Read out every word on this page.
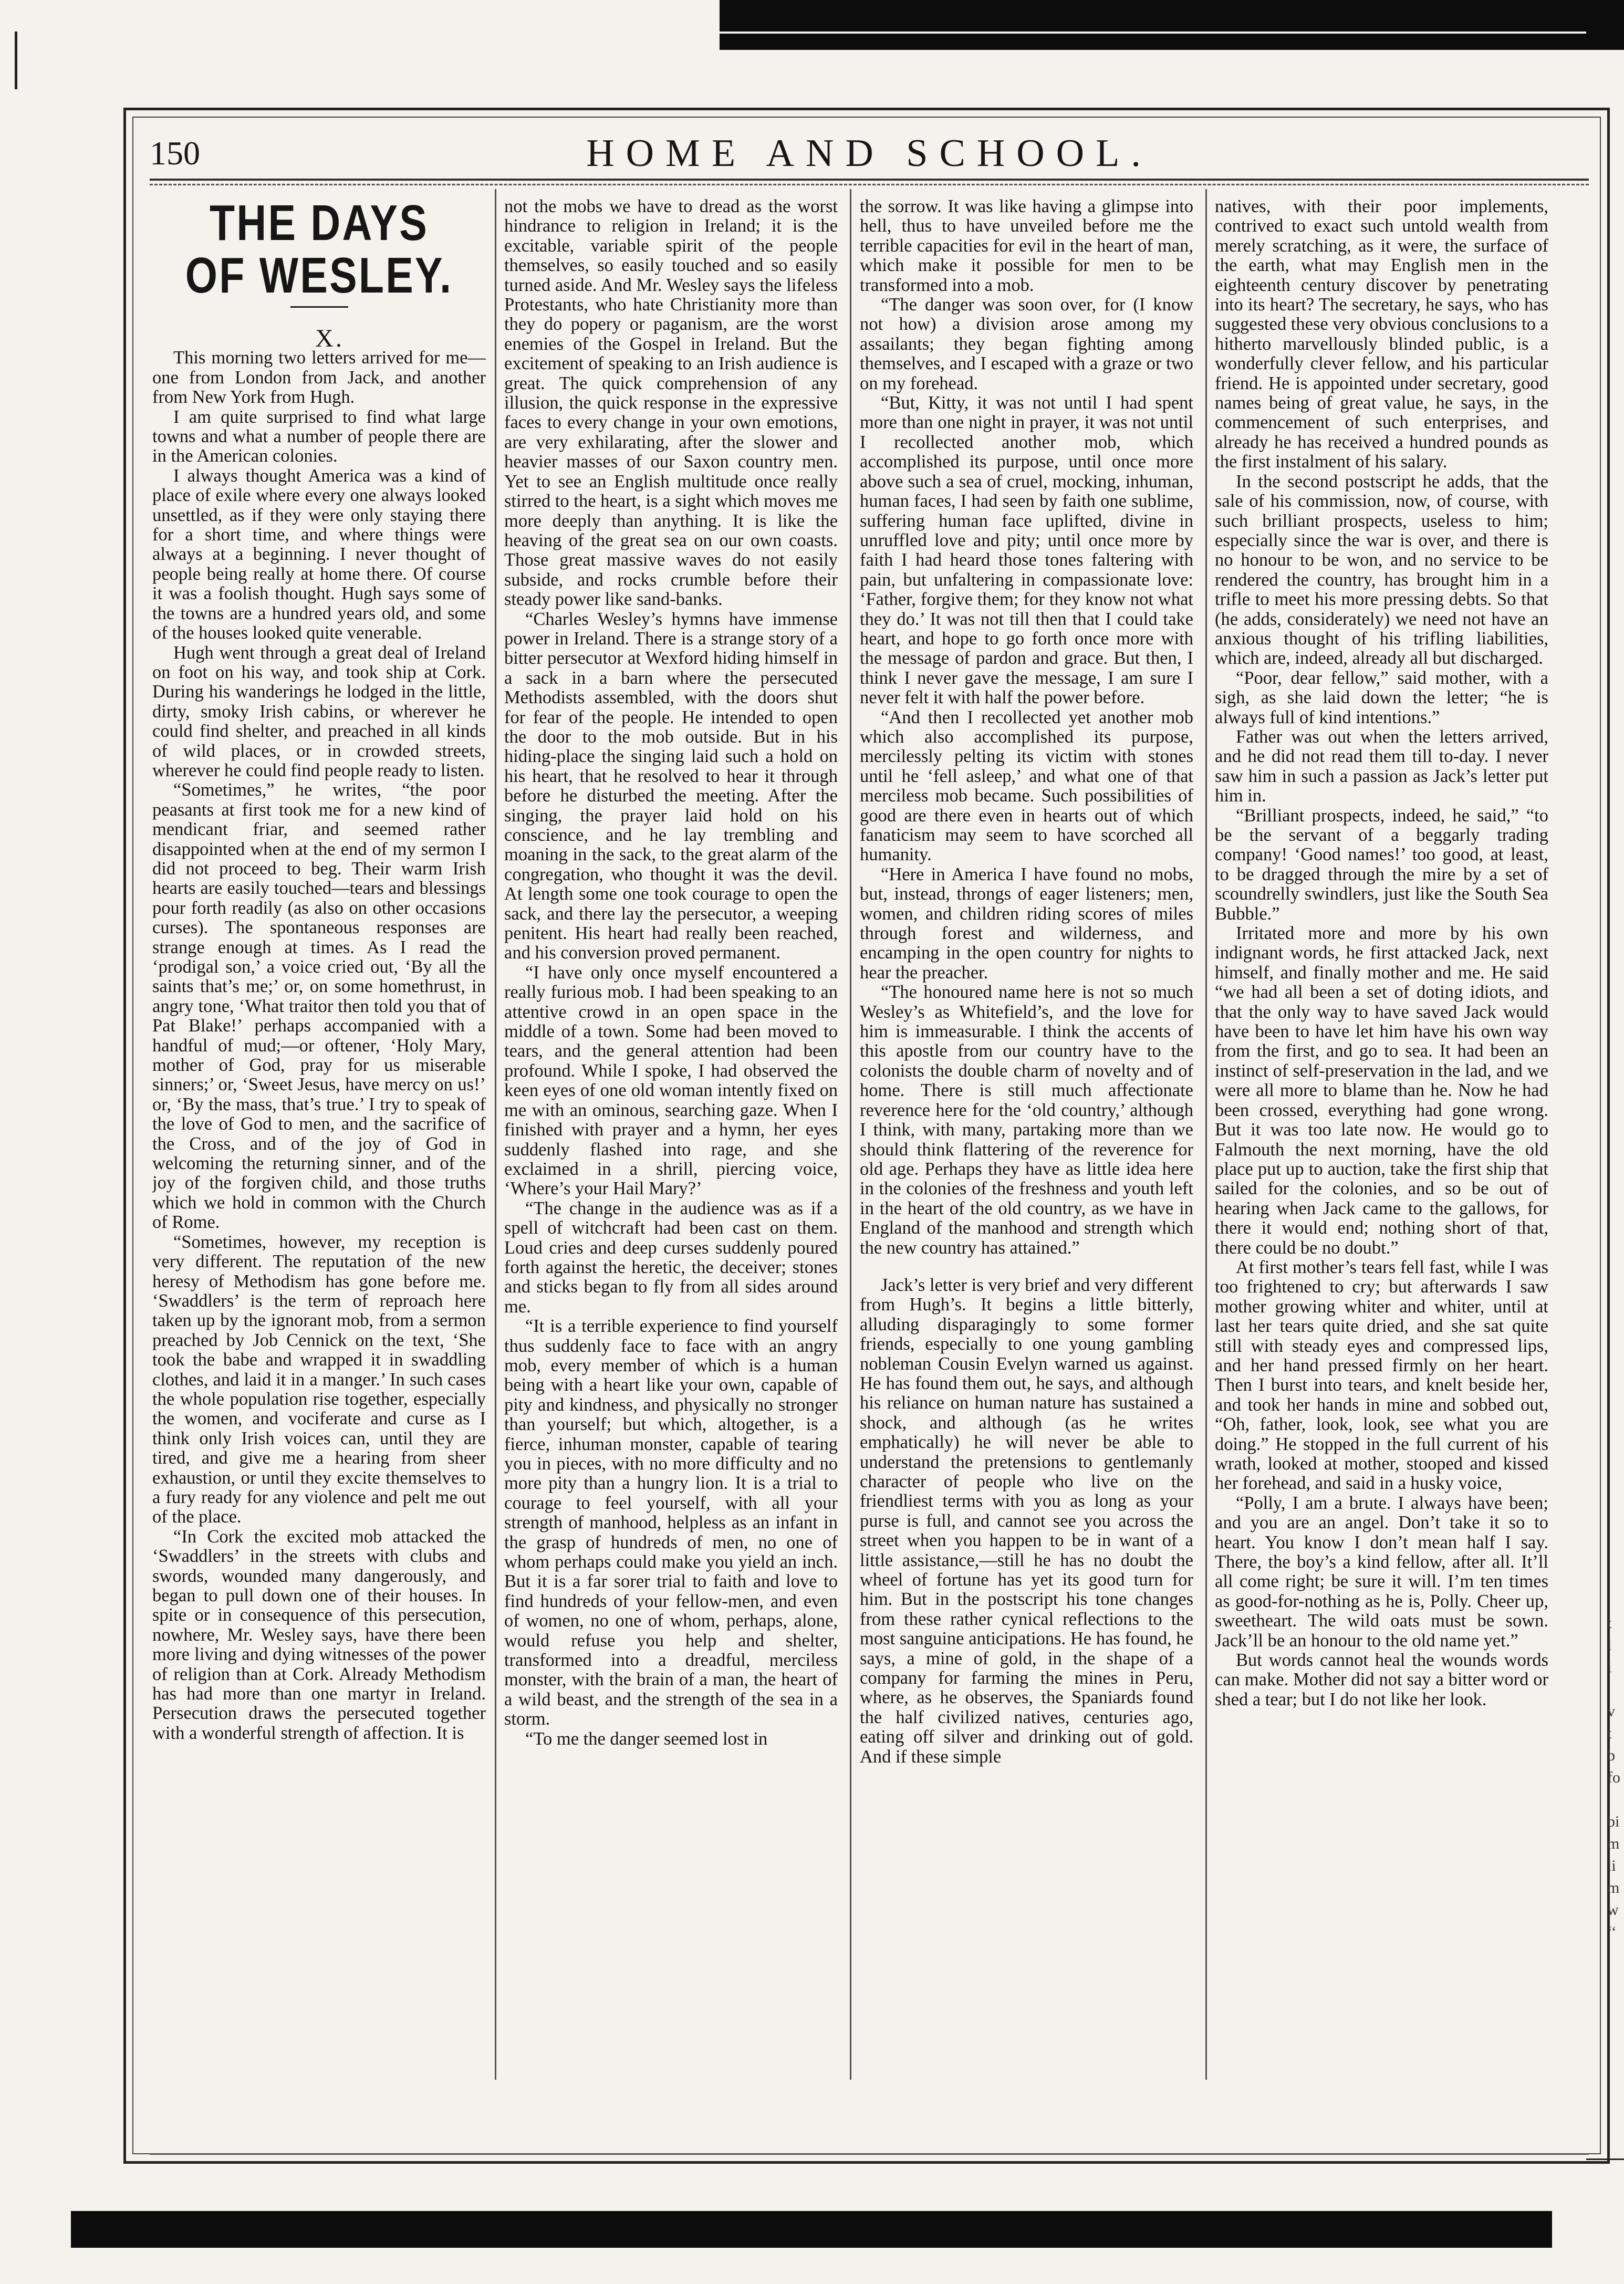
150	HOME AND SCHOOL.

THE DAYS OF WESLEY.

X.

This morning two letters arrived for me—one from London from Jack, and another from New York from Hugh.

I am quite surprised to find what large towns and what a number of people there are in the American colonies.

I always thought America was a kind of place of exile where every one always looked unsettled, as if they were only staying there for a short time, and where things were always at a beginning. I never thought of people being really at home there. Of course it was a foolish thought. Hugh says some of the towns are a hundred years old, and some of the houses looked quite venerable.

Hugh went through a great deal of Ireland on foot on his way, and took ship at Cork. During his wanderings he lodged in the little, dirty, smoky Irish cabins, or wherever he could find shelter, and preached in all kinds of wild places, or in crowded streets, wherever he could find people ready to listen.

“Sometimes,” he writes, “the poor peasants at first took me for a new kind of mendicant friar, and seemed rather disappointed when at the end of my sermon I did not proceed to beg. Their warm Irish hearts are easily touched—tears and blessings pour forth readily (as also on other occasions curses). The spontaneous responses are strange enough at times. As I read the ‘prodigal son,’ a voice cried out, ‘By all the saints that’s me;’ or, on some homethrust, in angry tone, ‘What traitor then told you that of Pat Blake!’ perhaps accompanied with a handful of mud;—or oftener, ‘Holy Mary, mother of God, pray for us miserable sinners;’ or, ‘Sweet Jesus, have mercy on us!’ or, ‘By the mass, that’s true.’ I try to speak of the love of God to men, and the sacrifice of the Cross, and of the joy of God in welcoming the returning sinner, and of the joy of the forgiven child, and those truths which we hold in common with the Church of Rome.

“Sometimes, however, my reception is very different. The reputation of the new heresy of Methodism has gone before me. ‘Swaddlers’ is the term of reproach here taken up by the ignorant mob, from a sermon preached by Job Cennick on the text, ‘She took the babe and wrapped it in swaddling clothes, and laid it in a manger.’ In such cases the whole population rise together, especially the women, and vociferate and curse as I think only Irish voices can, until they are tired, and give me a hearing from sheer exhaustion, or until they excite themselves to a fury ready for any violence and pelt me out of the place.

“In Cork the excited mob attacked the ‘Swaddlers’ in the streets with clubs and swords, wounded many dangerously, and began to pull down one of their houses. In spite or in consequence of this persecution, nowhere, Mr. Wesley says, have there been more living and dying witnesses of the power of religion than at Cork. Already Methodism has had more than one martyr in Ireland. Persecution draws the persecuted together with a wonderful strength of affection. It is

not the mobs we have to dread as the worst hindrance to religion in Ireland; it is the excitable, variable spirit of the people themselves, so easily touched and so easily turned aside. And Mr. Wesley says the lifeless Protestants, who hate Christianity more than they do popery or paganism, are the worst enemies of the Gospel in Ireland. But the excitement of speaking to an Irish audience is great. The quick comprehension of any illusion, the quick response in the expressive faces to every change in your own emotions, are very exhilarating, after the slower and heavier masses of our Saxon country men. Yet to see an English multitude once really stirred to the heart, is a sight which moves me more deeply than anything. It is like the heaving of the great sea on our own coasts. Those great massive waves do not easily subside, and rocks crumble before their steady power like sand-banks.

“Charles Wesley’s hymns have immense power in Ireland. There is a strange story of a bitter persecutor at Wexford hiding himself in a sack in a barn where the persecuted Methodists assembled, with the doors shut for fear of the people. He intended to open the door to the mob outside. But in his hiding-place the singing laid such a hold on his heart, that he resolved to hear it through before he disturbed the meeting. After the singing, the prayer laid hold on his conscience, and he lay trembling and moaning in the sack, to the great alarm of the congregation, who thought it was the devil. At length some one took courage to open the sack, and there lay the persecutor, a weeping penitent. His heart had really been reached, and his conversion proved permanent.

“I have only once myself encountered a really furious mob. I had been speaking to an attentive crowd in an open space in the middle of a town. Some had been moved to tears, and the general attention had been profound. While I spoke, I had observed the keen eyes of one old woman intently fixed on me with an ominous, searching gaze. When I finished with prayer and a hymn, her eyes suddenly flashed into rage, and she exclaimed in a shrill, piercing voice, ‘Where’s your Hail Mary?’

“The change in the audience was as if a spell of witchcraft had been cast on them. Loud cries and deep curses suddenly poured forth against the heretic, the deceiver; stones and sticks began to fly from all sides around me.

“It is a terrible experience to find yourself thus suddenly face to face with an angry mob, every member of which is a human being with a heart like your own, capable of pity and kindness, and physically no stronger than yourself; but which, altogether, is a fierce, inhuman monster, capable of tearing you in pieces, with no more difficulty and no more pity than a hungry lion. It is a trial to courage to feel yourself, with all your strength of manhood, helpless as an infant in the grasp of hundreds of men, no one of whom perhaps could make you yield an inch. But it is a far sorer trial to faith and love to find hundreds of your fellow-men, and even of women, no one of whom, perhaps, alone, would refuse you help and shelter, transformed into a dreadful, merciless monster, with the brain of a man, the heart of a wild beast, and the strength of the sea in a storm.

“To me the danger seemed lost in

the sorrow. It was like having a glimpse into hell, thus to have unveiled before me the terrible capacities for evil in the heart of man, which make it possible for men to be transformed into a mob.

“The danger was soon over, for (I know not how) a division arose among my assailants; they began fighting among themselves, and I escaped with a graze or two on my forehead.

“But, Kitty, it was not until I had spent more than one night in prayer, it was not until I recollected another mob, which accomplished its purpose, until once more above such a sea of cruel, mocking, inhuman, human faces, I had seen by faith one sublime, suffering human face uplifted, divine in unruffled love and pity; until once more by faith I had heard those tones faltering with pain, but unfaltering in compassionate love: ‘Father, forgive them; for they know not what they do.’ It was not till then that I could take heart, and hope to go forth once more with the message of pardon and grace. But then, I think I never gave the message, I am sure I never felt it with half the power before.

“And then I recollected yet another mob which also accomplished its purpose, mercilessly pelting its victim with stones until he ‘fell asleep,’ and what one of that merciless mob became. Such possibilities of good are there even in hearts out of which fanaticism may seem to have scorched all humanity.

“Here in America I have found no mobs, but, instead, throngs of eager listeners; men, women, and children riding scores of miles through forest and wilderness, and encamping in the open country for nights to hear the preacher.

“The honoured name here is not so much Wesley’s as Whitefield’s, and the love for him is immeasurable. I think the accents of this apostle from our country have to the colonists the double charm of novelty and of home. There is still much affectionate reverence here for the ‘old country,’ although I think, with many, partaking more than we should think flattering of the reverence for old age. Perhaps they have as little idea here in the colonies of the freshness and youth left in the heart of the old country, as we have in England of the manhood and strength which the new country has attained.”

Jack’s letter is very brief and very different from Hugh’s. It begins a little bitterly, alluding disparagingly to some former friends, especially to one young gambling nobleman Cousin Evelyn warned us against. He has found them out, he says, and although his reliance on human nature has sustained a shock, and although (as he writes emphatically) he will never be able to understand the pretensions to gentlemanly character of people who live on the friendliest terms with you as long as your purse is full, and cannot see you across the street when you happen to be in want of a little assistance,—still he has no doubt the wheel of fortune has yet its good turn for him. But in the postscript his tone changes from these rather cynical reflections to the most sanguine anticipations. He has found, he says, a mine of gold, in the shape of a company for farming the mines in Peru, where, as he observes, the Spaniards found the half civilized natives, centuries ago, eating off silver and drinking out of gold. And if these simple

natives, with their poor implements, contrived to exact such untold wealth from merely scratching, as it were, the surface of the earth, what may English men in the eighteenth century discover by penetrating into its heart? The secretary, he says, who has suggested these very obvious conclusions to a hitherto marvellously blinded public, is a wonderfully clever fellow, and his particular friend. He is appointed under secretary, good names being of great value, he says, in the commencement of such enterprises, and already he has received a hundred pounds as the first instalment of his salary.

In the second postscript he adds, that the sale of his commission, now, of course, with such brilliant prospects, useless to him; especially since the war is over, and there is no honour to be won, and no service to be rendered the country, has brought him in a trifle to meet his more pressing debts. So that (he adds, considerately) we need not have an anxious thought of his trifling liabilities, which are, indeed, already all but discharged.

“Poor, dear fellow,” said mother, with a sigh, as she laid down the letter; “he is always full of kind intentions.”

Father was out when the letters arrived, and he did not read them till to-day. I never saw him in such a passion as Jack’s letter put him in.

“Brilliant prospects, indeed, he said,” “to be the servant of a beggarly trading company! ‘Good names!’ too good, at least, to be dragged through the mire by a set of scoundrelly swindlers, just like the South Sea Bubble.”

Irritated more and more by his own indignant words, he first attacked Jack, next himself, and finally mother and me. He said “we had all been a set of doting idiots, and that the only way to have saved Jack would have been to have let him have his own way from the first, and go to sea. It had been an instinct of self-preservation in the lad, and we were all more to blame than he. Now he had been crossed, everything had gone wrong. But it was too late now. He would go to Falmouth the next morning, have the old place put up to auction, take the first ship that sailed for the colonies, and so be out of hearing when Jack came to the gallows, for there it would end; nothing short of that, there could be no doubt.”

At first mother’s tears fell fast, while I was too frightened to cry; but afterwards I saw mother growing whiter and whiter, until at last her tears quite dried, and she sat quite still with steady eyes and compressed lips, and her hand pressed firmly on her heart. Then I burst into tears, and knelt beside her, and took her hands in mine and sobbed out, “Oh, father, look, look, see what you are doing.” He stopped in the full current of his wrath, looked at mother, stooped and kissed her forehead, and said in a husky voice,

“Polly, I am a brute. I always have been; and you are an angel. Don’t take it so to heart. You know I don’t mean half I say. There, the boy’s a kind fellow, after all. It’ll all come right; be sure it will. I’m ten times as good-for-nothing as he is, Polly. Cheer up, sweetheart. The wild oats must be sown. Jack’ll be an honour to the old name yet.”

But words cannot heal the wounds words can make. Mother did not say a bitter word or shed a tear; but I do not like her look.

t
l
i
v
t
b
fo
bi
m
li
m
w
‘‘
